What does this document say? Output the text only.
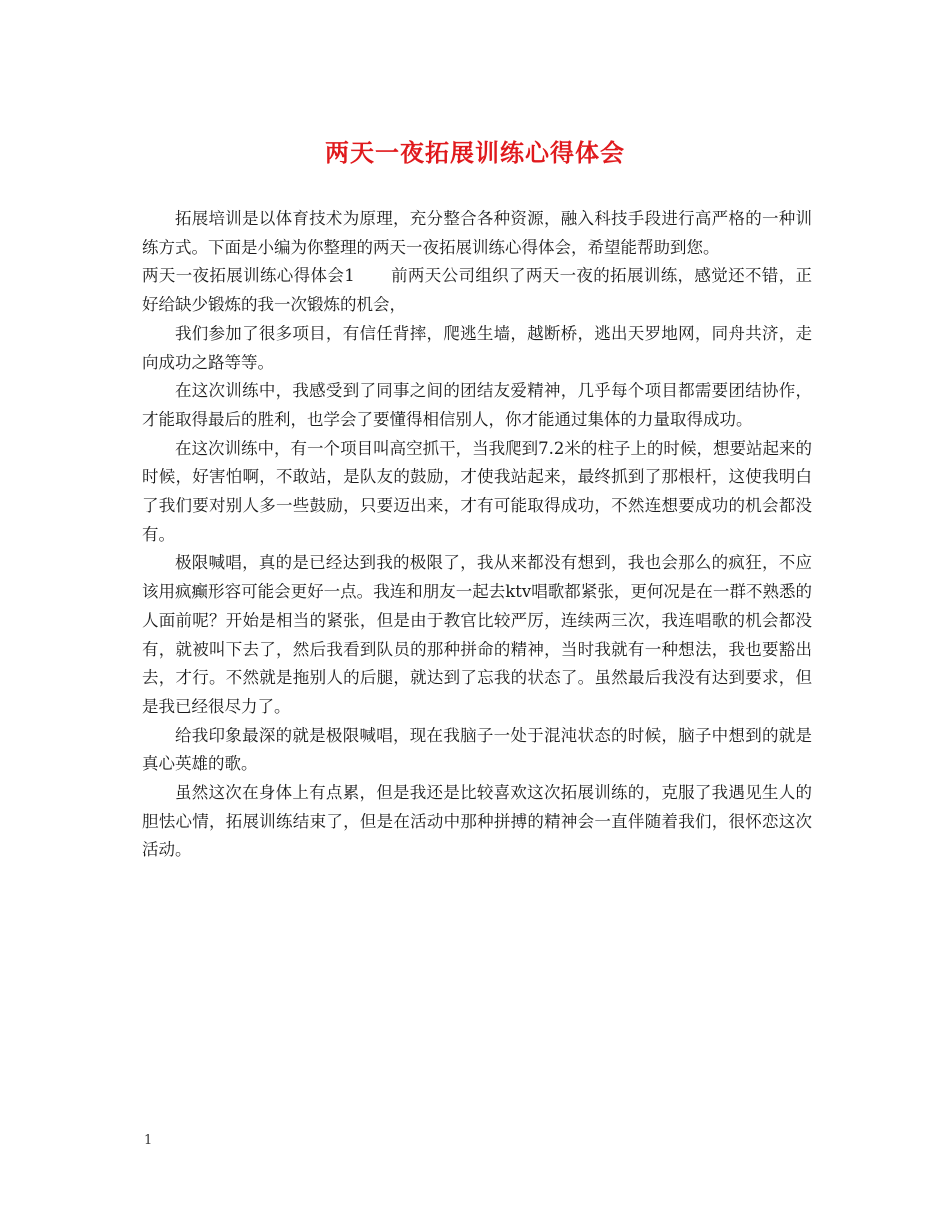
两天一夜拓展训练心得体会

拓展培训是以体育技术为原理，充分整合各种资源，融入科技手段进行高严格的一种训练方式。下面是小编为你整理的两天一夜拓展训练心得体会，希望能帮助到您。

两天一夜拓展训练心得体会1 前两天公司组织了两天一夜的拓展训练，感觉还不错，正好给缺少锻炼的我一次锻炼的机会，

我们参加了很多项目，有信任背摔，爬逃生墙，越断桥，逃出天罗地网，同舟共济，走向成功之路等等。

在这次训练中，我感受到了同事之间的团结友爱精神，几乎每个项目都需要团结协作，才能取得最后的胜利，也学会了要懂得相信别人，你才能通过集体的力量取得成功。

在这次训练中，有一个项目叫高空抓干，当我爬到7.2米的柱子上的时候，想要站起来的时候，好害怕啊，不敢站，是队友的鼓励，才使我站起来，最终抓到了那根杆，这使我明白了我们要对别人多一些鼓励，只要迈出来，才有可能取得成功，不然连想要成功的机会都没有。

极限喊唱，真的是已经达到我的极限了，我从来都没有想到，我也会那么的疯狂，不应该用疯癫形容可能会更好一点。我连和朋友一起去ktv唱歌都紧张，更何况是在一群不熟悉的人面前呢？开始是相当的紧张，但是由于教官比较严厉，连续两三次，我连唱歌的机会都没有，就被叫下去了，然后我看到队员的那种拼命的精神，当时我就有一种想法，我也要豁出去，才行。不然就是拖别人的后腿，就达到了忘我的状态了。虽然最后我没有达到要求，但是我已经很尽力了。

给我印象最深的就是极限喊唱，现在我脑子一处于混沌状态的时候，脑子中想到的就是真心英雄的歌。

虽然这次在身体上有点累，但是我还是比较喜欢这次拓展训练的，克服了我遇见生人的胆怯心情，拓展训练结束了，但是在活动中那种拼搏的精神会一直伴随着我们，很怀恋这次活动。

1
